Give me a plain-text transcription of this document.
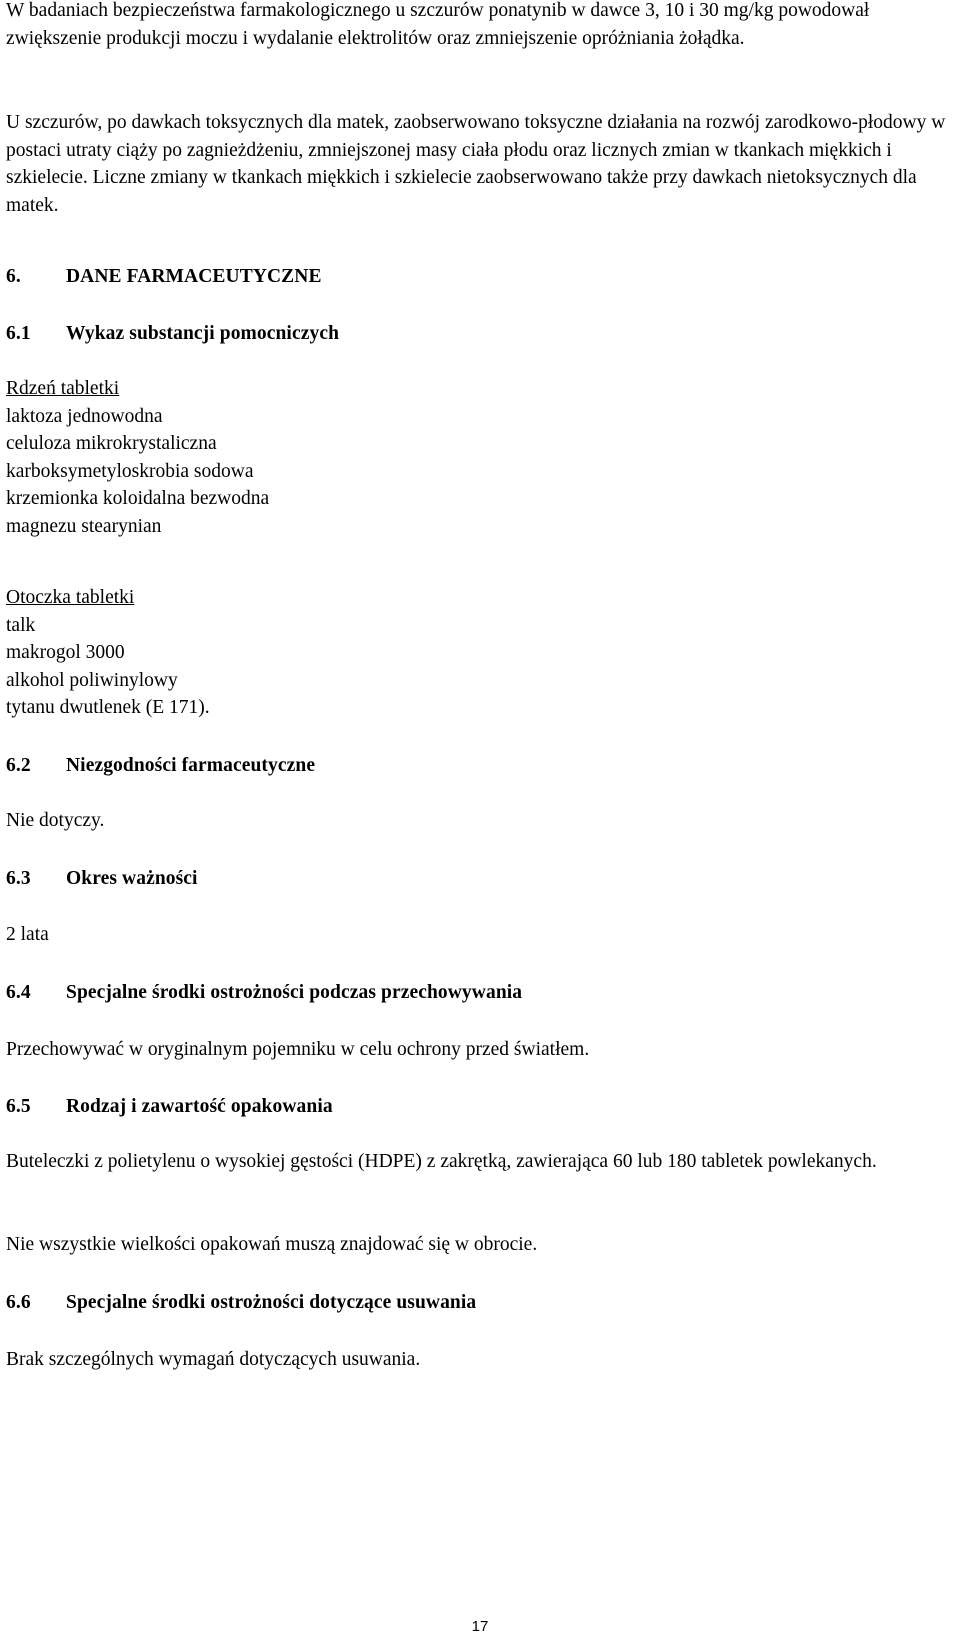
W badaniach bezpieczeństwa farmakologicznego u szczurów ponatynib w dawce 3, 10 i 30 mg/kg powodował zwiększenie produkcji moczu i wydalanie elektrolitów oraz zmniejszenie opróżniania żołądka.

U szczurów, po dawkach toksycznych dla matek, zaobserwowano toksyczne działania na rozwój zarodkowo-płodowy w postaci utraty ciąży po zagnieżdżeniu, zmniejszonej masy ciała płodu oraz licznych zmian w tkankach miękkich i szkielecie. Liczne zmiany w tkankach miękkich i szkielecie zaobserwowano także przy dawkach nietoksycznych dla matek.

6. DANE FARMACEUTYCZNE
6.1 Wykaz substancji pomocniczych
Rdzeń tabletki
laktoza jednowodna
celuloza mikrokrystaliczna
karboksymetyloskrobia sodowa
krzemionka koloidalna bezwodna
magnezu stearynian
Otoczka tabletki
talk
makrogol 3000
alkohol poliwinylowy
tytanu dwutlenek (E 171).
6.2 Niezgodności farmaceutyczne

Nie dotyczy.

6.3 Okres ważności

2 lata

6.4 Specjalne środki ostrożności podczas przechowywania

Przechowywać w oryginalnym pojemniku w celu ochrony przed światłem.

6.5 Rodzaj i zawartość opakowania

Buteleczki z polietylenu o wysokiej gęstości (HDPE) z zakrętką, zawierająca 60 lub 180 tabletek powlekanych.

Nie wszystkie wielkości opakowań muszą znajdować się w obrocie.

6.6 Specjalne środki ostrożności dotyczące usuwania

Brak szczególnych wymagań dotyczących usuwania.

17
